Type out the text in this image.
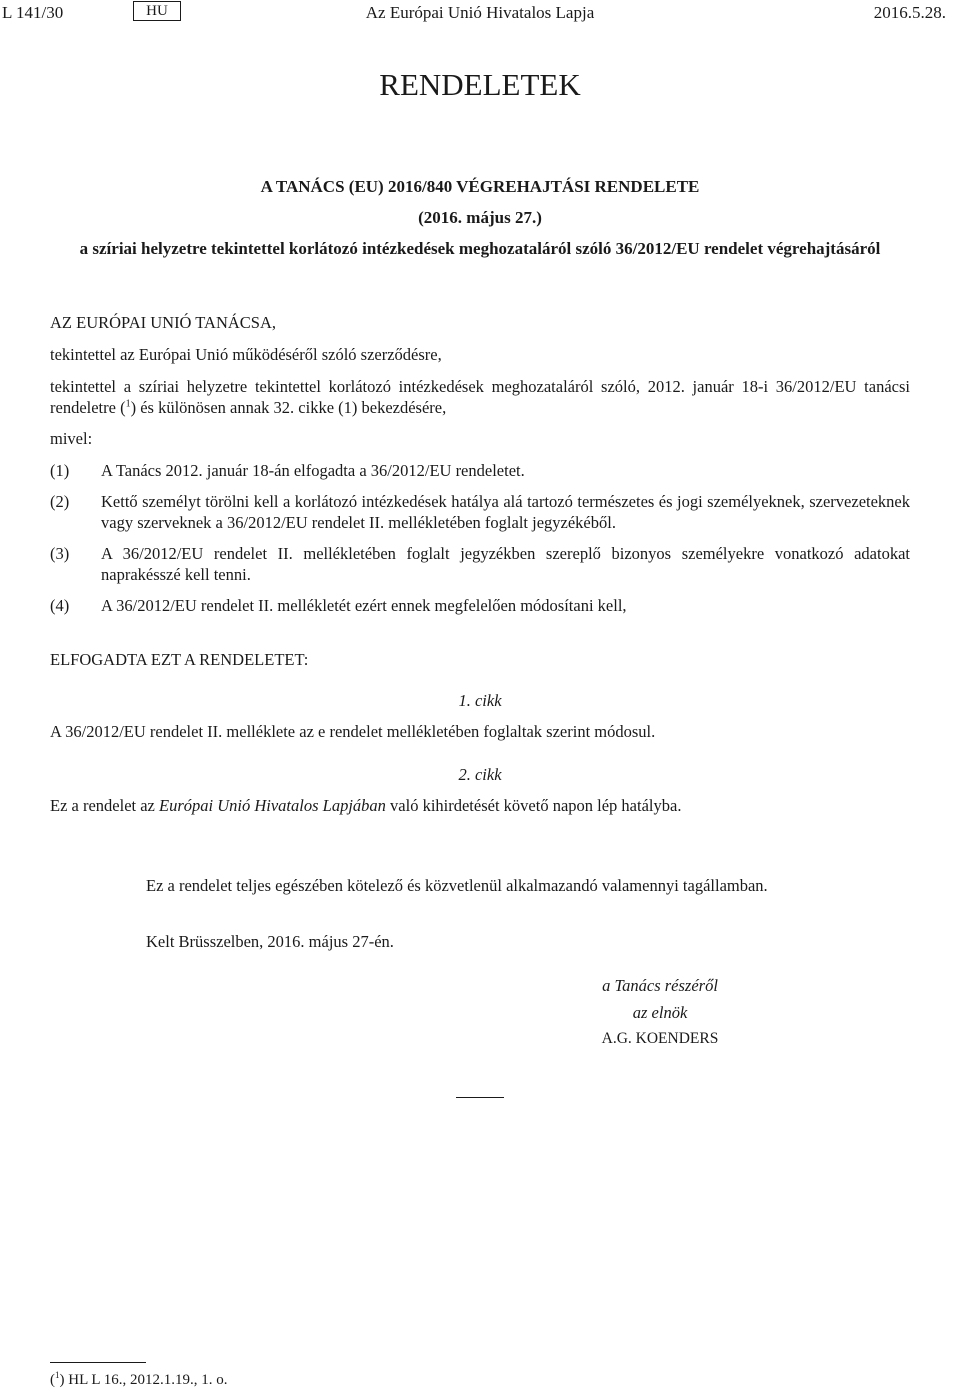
Az Európai Unió Hivatalos Lapja
L 141/30	HU	2016.5.28.
RENDELETEK
A TANÁCS (EU) 2016/840 VÉGREHAJTÁSI RENDELETE
(2016. május 27.)
a szíriai helyzetre tekintettel korlátozó intézkedések meghozataláról szóló 36/2012/EU rendelet végrehajtásáról
AZ EURÓPAI UNIÓ TANÁCSA,
tekintettel az Európai Unió működéséről szóló szerződésre,
tekintettel a szíriai helyzetre tekintettel korlátozó intézkedések meghozataláról szóló, 2012. január 18-i 36/2012/EU tanácsi rendeletre ($^1$) és különösen annak 32. cikke (1) bekezdésére,
mivel:
(1) A Tanács 2012. január 18-án elfogadta a 36/2012/EU rendeletet.
(2) Kettő személyt törölni kell a korlátozó intézkedések hatálya alá tartozó természetes és jogi személyeknek, szervezeteknek vagy szerveknek a 36/2012/EU rendelet II. mellékletében foglalt jegyzékéből.
(3) A 36/2012/EU rendelet II. mellékletében foglalt jegyzékben szereplő bizonyos személyekre vonatkozó adatokat naprakésszé kell tenni.
(4) A 36/2012/EU rendelet II. mellékletét ezért ennek megfelelően módosítani kell,
ELFOGADTA EZT A RENDELETET:
1. cikk
A 36/2012/EU rendelet II. melléklete az e rendelet mellékletében foglaltak szerint módosul.
2. cikk
Ez a rendelet az Európai Unió Hivatalos Lapjában való kihirdetését követő napon lép hatályba.
Ez a rendelet teljes egészében kötelező és közvetlenül alkalmazandó valamennyi tagállamban.
Kelt Brüsszelben, 2016. május 27-én.
a Tanács részéről
az elnök
A.G. KOENDERS
($^1$) HL L 16., 2012.1.19., 1. o.
